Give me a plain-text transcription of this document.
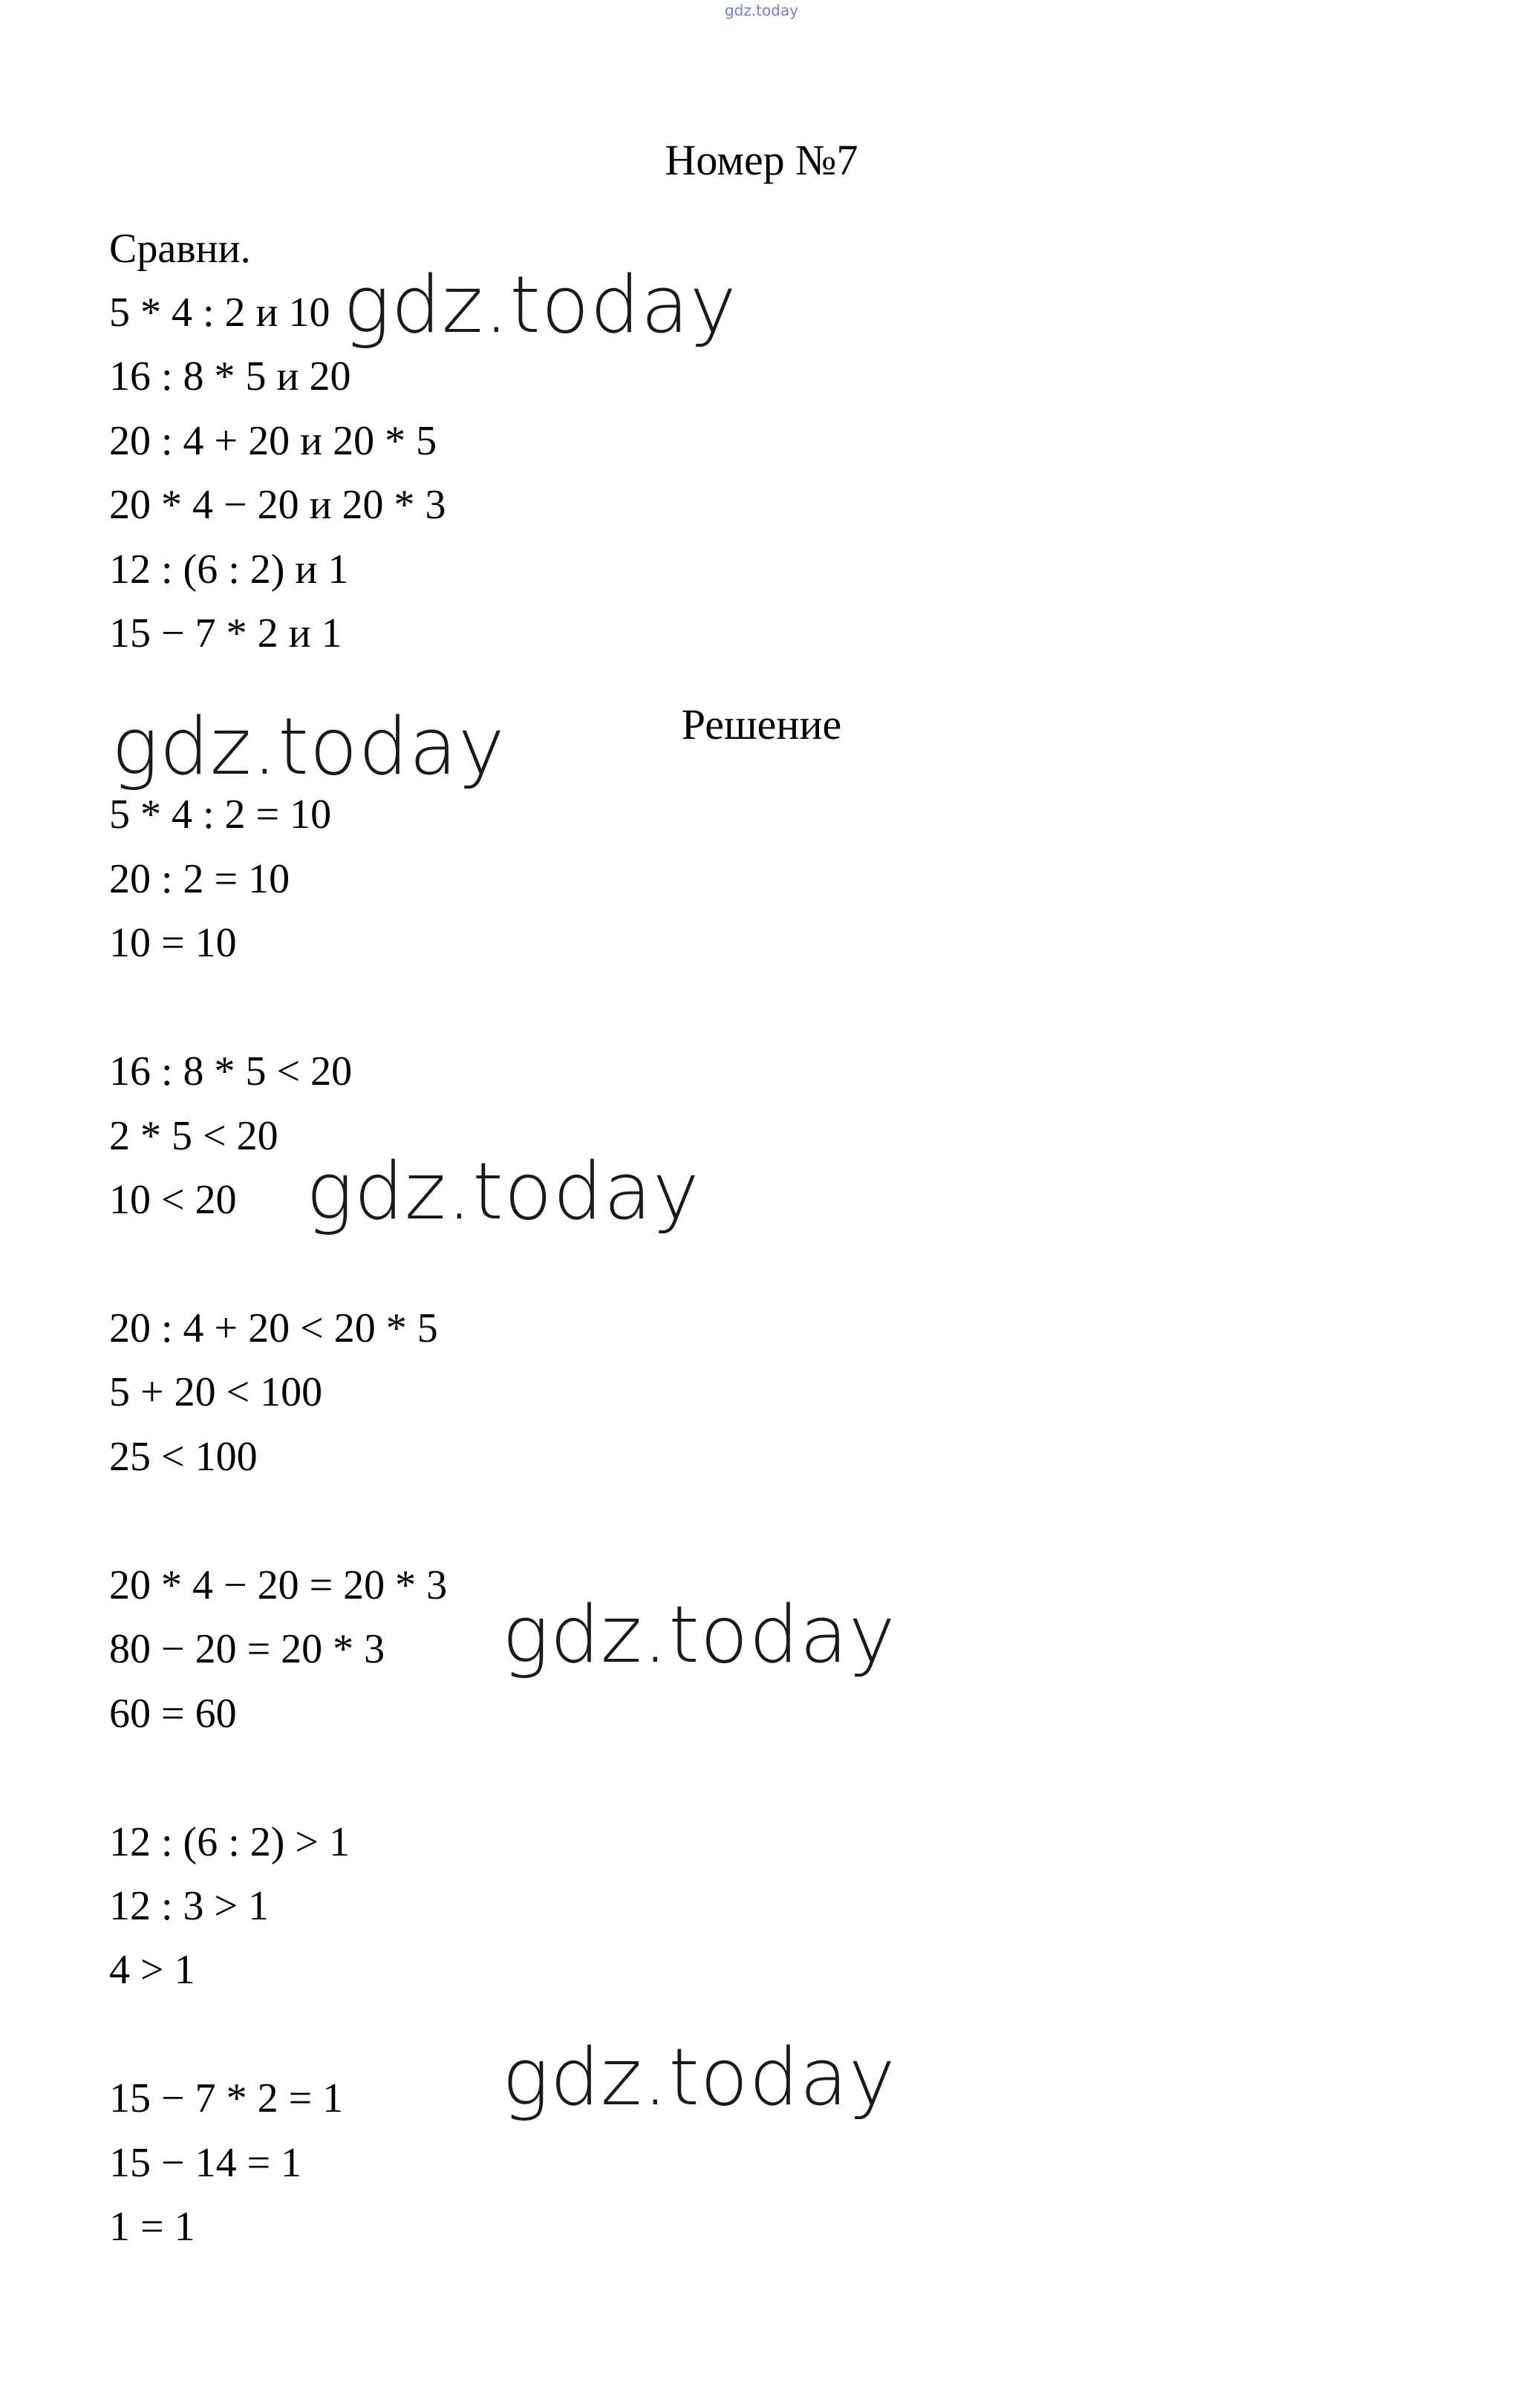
gdz.today
Номер №7
Сравни.
5 * 4 : 2 и 10
16 : 8 * 5 и 20
20 : 4 + 20 и 20 * 5
20 * 4 − 20 и 20 * 3
12 : (6 : 2) и 1
15 − 7 * 2 и 1
Решение
5 * 4 : 2 = 10
20 : 2 = 10
10 = 10
16 : 8 * 5 < 20
2 * 5 < 20
10 < 20
20 : 4 + 20 < 20 * 5
5 + 20 < 100
25 < 100
20 * 4 − 20 = 20 * 3
80 − 20 = 20 * 3
60 = 60
12 : (6 : 2) > 1
12 : 3 > 1
4 > 1
15 − 7 * 2 = 1
15 − 14 = 1
1 = 1
gdz.today
gdz.today
gdz.today
gdz.today
gdz.today
